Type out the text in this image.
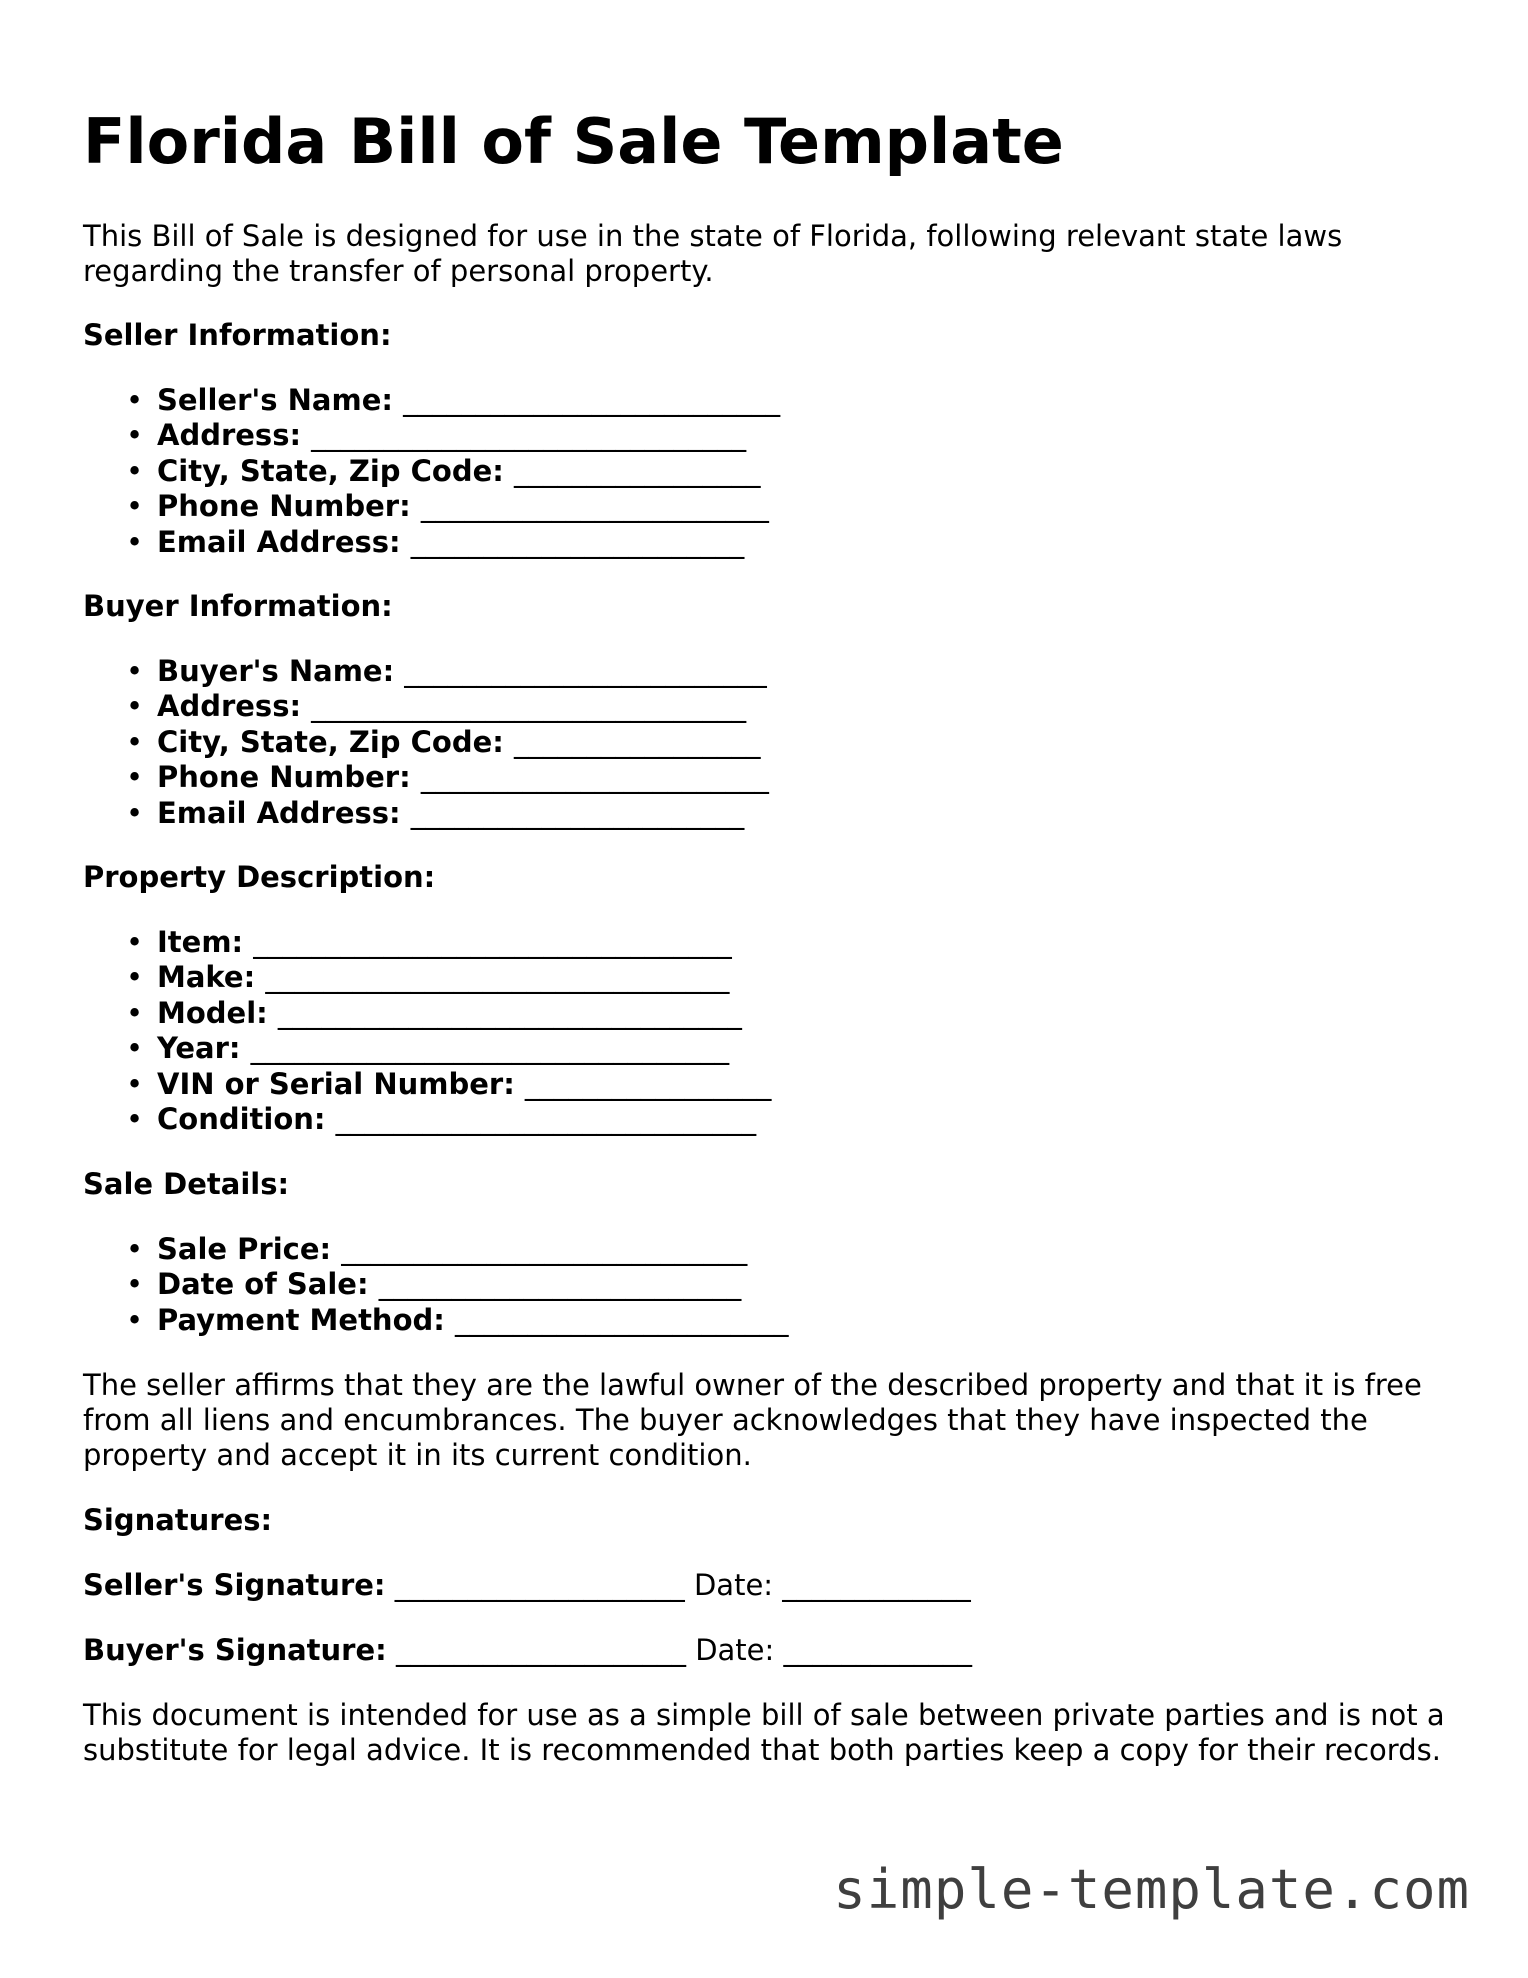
Florida Bill of Sale Template

This Bill of Sale is designed for use in the state of Florida, following relevant state laws regarding the transfer of personal property.

Seller Information:
• Seller's Name: __________________________
• Address: ______________________________
• City, State, Zip Code: _________________
• Phone Number: ________________________
• Email Address: _______________________
Buyer Information:
• Buyer's Name: _________________________
• Address: ______________________________
• City, State, Zip Code: _________________
• Phone Number: ________________________
• Email Address: _______________________
Property Description:
• Item: _________________________________
• Make: ________________________________
• Model: ________________________________
• Year: _________________________________
• VIN or Serial Number: _________________
• Condition: _____________________________
Sale Details:
• Sale Price: ____________________________
• Date of Sale: _________________________
• Payment Method: _______________________

The seller affirms that they are the lawful owner of the described property and that it is free from all liens and encumbrances. The buyer acknowledges that they have inspected the property and accept it in its current condition.

Signatures:
Seller's Signature: ____________________ Date: _____________
Buyer's Signature: ____________________ Date: _____________

This document is intended for use as a simple bill of sale between private parties and is not a substitute for legal advice. It is recommended that both parties keep a copy for their records.

simple-template.com
